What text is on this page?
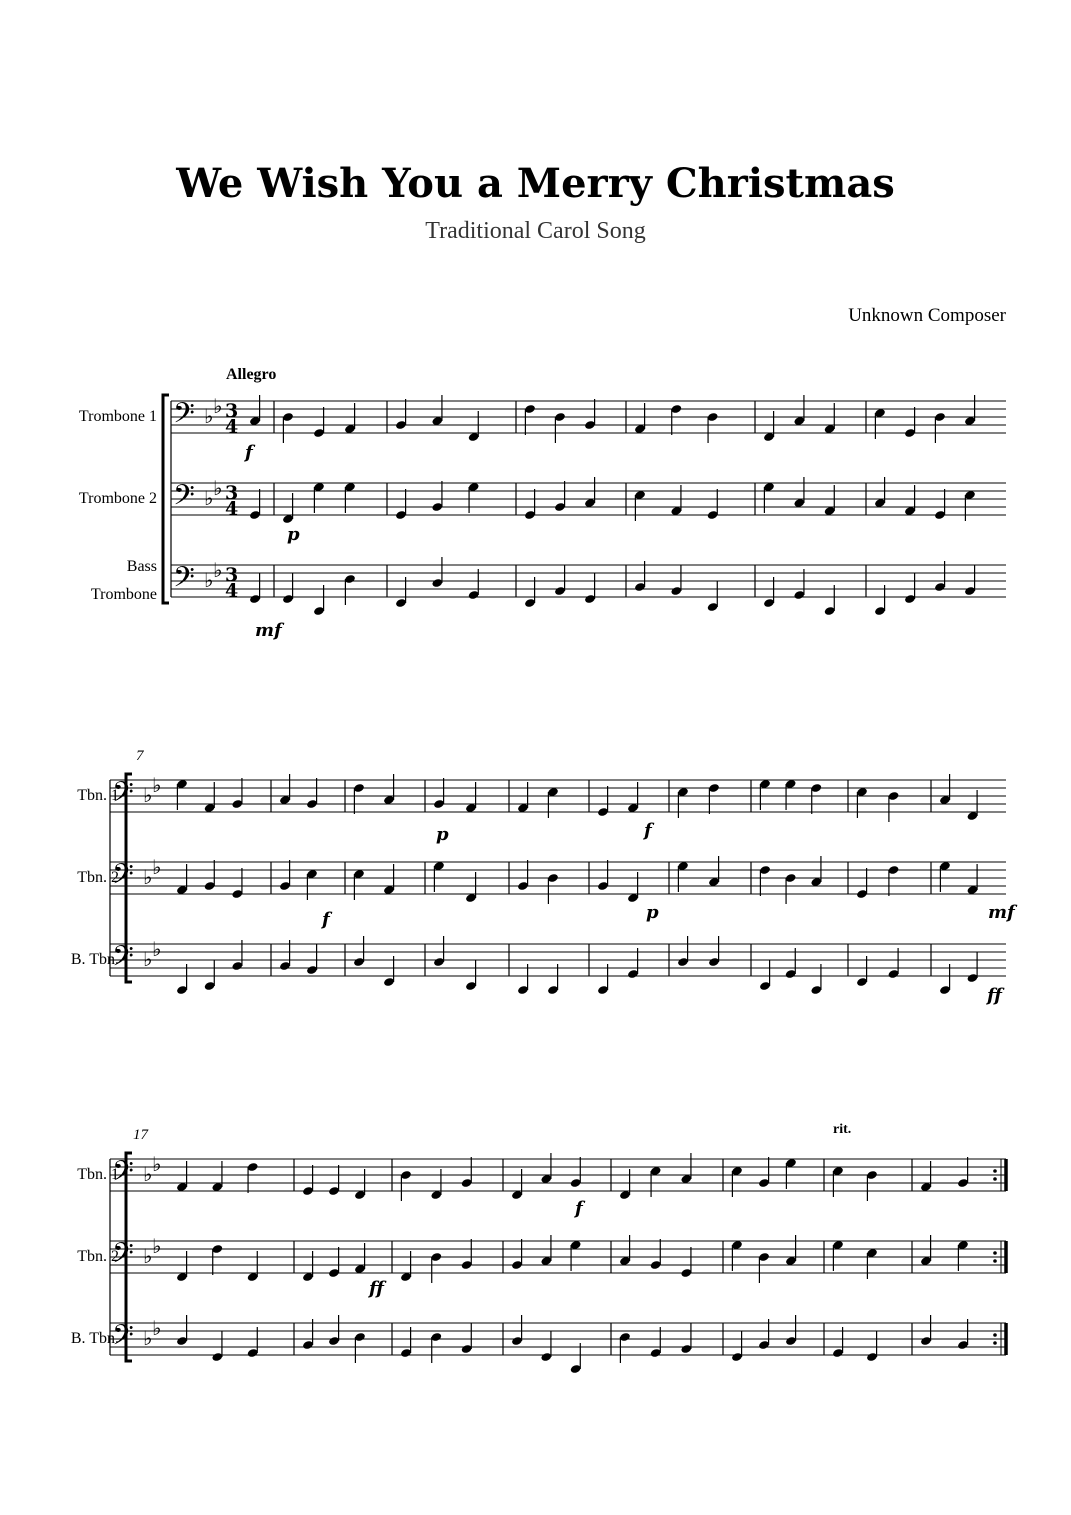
We Wish You a Merry Christmas
Traditional Carol Song
Unknown Composer
Allegro
rit.
Trombone 1
Trombone 2
Bass
Trombone
Tbn. 1
Tbn. 2
B. Tbn.
7
Tbn. 1
Tbn. 2
B. Tbn.
17
𝄢 ♭ ♭ 3
4
𝄢 ♭ ♭ 3
4
𝄢 ♭ ♭ 3
4
f
p
mf
𝄢 ♭ ♭
𝄢 ♭ ♭
𝄢 ♭ ♭
p	f
f	p	mf
ff
𝄢 ♭ ♭
𝄢 ♭ ♭
𝄢 ♭ ♭
f
ff
